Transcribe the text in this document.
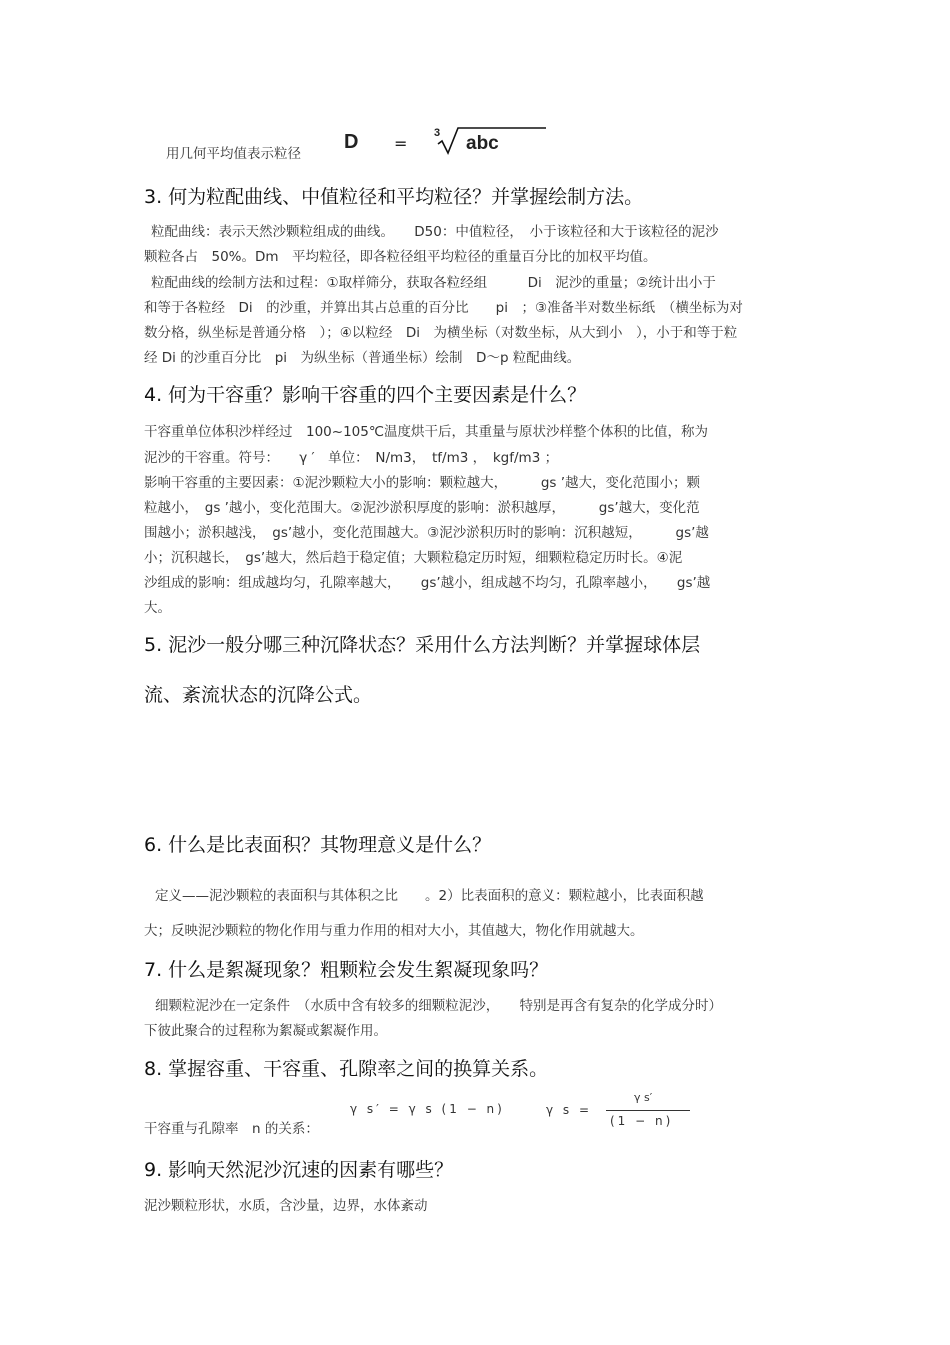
用几何平均值表示粒径
D =
3 abc
3. 何为粒配曲线、中值粒径和平均粒径？并掌握绘制方法。
粒配曲线：表示天然沙颗粒组成的曲线。　　D50：中值粒径，　小于该粒径和大于该粒径的泥沙
颗粒各占　50%。Dm　平均粒径，即各粒径组平均粒径的重量百分比的加权平均值。
粒配曲线的绘制方法和过程：①取样筛分，获取各粒经组　　　Di　泥沙的重量；②统计出小于
和等于各粒经　Di　的沙重，并算出其占总重的百分比　　pi　；③准备半对数坐标纸　（横坐标为对
数分格，纵坐标是普通分格　）；④以粒经　Di　为横坐标（对数坐标，从大到小　），小于和等于粒
经 Di 的沙重百分比　pi　为纵坐标（普通坐标）绘制　D～p 粒配曲线。
4. 何为干容重？影响干容重的四个主要因素是什么？
干容重单位体积沙样经过　100~105℃温度烘干后，其重量与原状沙样整个体积的比值，称为
泥沙的干容重。符号：　　γ ′　单位：　N/m3，　tf/m3 ，　kgf/m3 ；
影响干容重的主要因素：①泥沙颗粒大小的影响：颗粒越大，　　　gs ’越大，变化范围小；颗
粒越小，　gs ’越小，变化范围大。②泥沙淤积厚度的影响：淤积越厚，　　　gs’越大，变化范
围越小；淤积越浅，　gs’越小，变化范围越大。③泥沙淤积历时的影响：沉积越短，　　　gs’越
小；沉积越长，　gs’越大，然后趋于稳定值；大颗粒稳定历时短，细颗粒稳定历时长。④泥
沙组成的影响：组成越均匀，孔隙率越大，　　gs’越小，组成越不均匀，孔隙率越小，　　gs’越
大。
5. 泥沙一般分哪三种沉降状态？采用什么方法判断？并掌握球体层
流、紊流状态的沉降公式。
6. 什么是比表面积？其物理意义是什么？
定义——泥沙颗粒的表面积与其体积之比　　。2）比表面积的意义：颗粒越小，比表面积越
大；反映泥沙颗粒的物化作用与重力作用的相对大小，其值越大，物化作用就越大。
7. 什么是絮凝现象？粗颗粒会发生絮凝现象吗？
细颗粒泥沙在一定条件　（水质中含有较多的细颗粒泥沙，　　特别是再含有复杂的化学成分时）
下彼此聚合的过程称为絮凝或絮凝作用。
8. 掌握容重、干容重、孔隙率之间的换算关系。
干容重与孔隙率　n 的关系：
γ s′ = γ s (1 − n)	γ s =
γ s′
(1 − n)
9. 影响天然泥沙沉速的因素有哪些？
泥沙颗粒形状，水质，含沙量，边界，水体紊动
